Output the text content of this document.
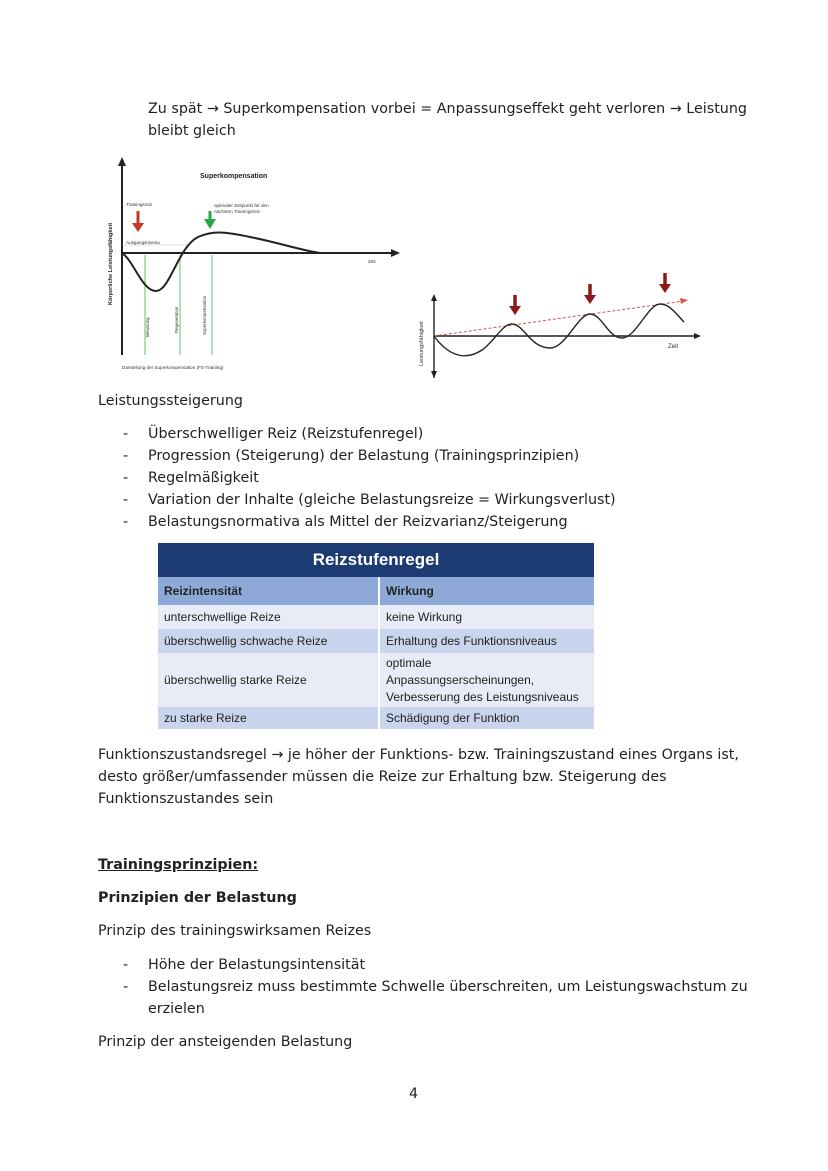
Zu spät → Superkompensation vorbei = Anpassungseffekt geht verloren → Leistung
bleibt gleich
Superkompensation
Trainingsreiz	optimaler Zeitpunkt für den
nächsten Trainingsreiz
Ausgangsniveau
Zeit
Körperliche Leistungsfähigkeit
Belastung	Regeneration	Superkompensation
Darstellung der Superkompensation (FS-Training)
Zeit
Leistungsfähigkeit
Leistungssteigerung
- Überschwelliger Reiz (Reizstufenregel)
- Progression (Steigerung) der Belastung (Trainingsprinzipien)
- Regelmäßigkeit
- Variation der Inhalte (gleiche Belastungsreize = Wirkungsverlust)
- Belastungsnormativa als Mittel der Reizvarianz/Steigerung
Reizstufenregel	
Reizintensität	Wirkung
unterschwellige Reize	keine Wirkung
überschwellig schwache Reize	Erhaltung des Funktionsniveaus
überschwellig starke Reize	optimale
Anpassungserscheinungen,
Verbesserung des Leistungsniveaus

zu starke Reize	Schädigung der Funktion
Funktionszustandsregel → je höher der Funktions- bzw. Trainingszustand eines Organs ist,
desto größer/umfassender müssen die Reize zur Erhaltung bzw. Steigerung des
Funktionszustandes sein
Trainingsprinzipien:
Prinzipien der Belastung
Prinzip des trainingswirksamen Reizes
- Höhe der Belastungsintensität
- Belastungsreiz muss bestimmte Schwelle überschreiten, um Leistungswachstum zu
erzielen
Prinzip der ansteigenden Belastung
4
